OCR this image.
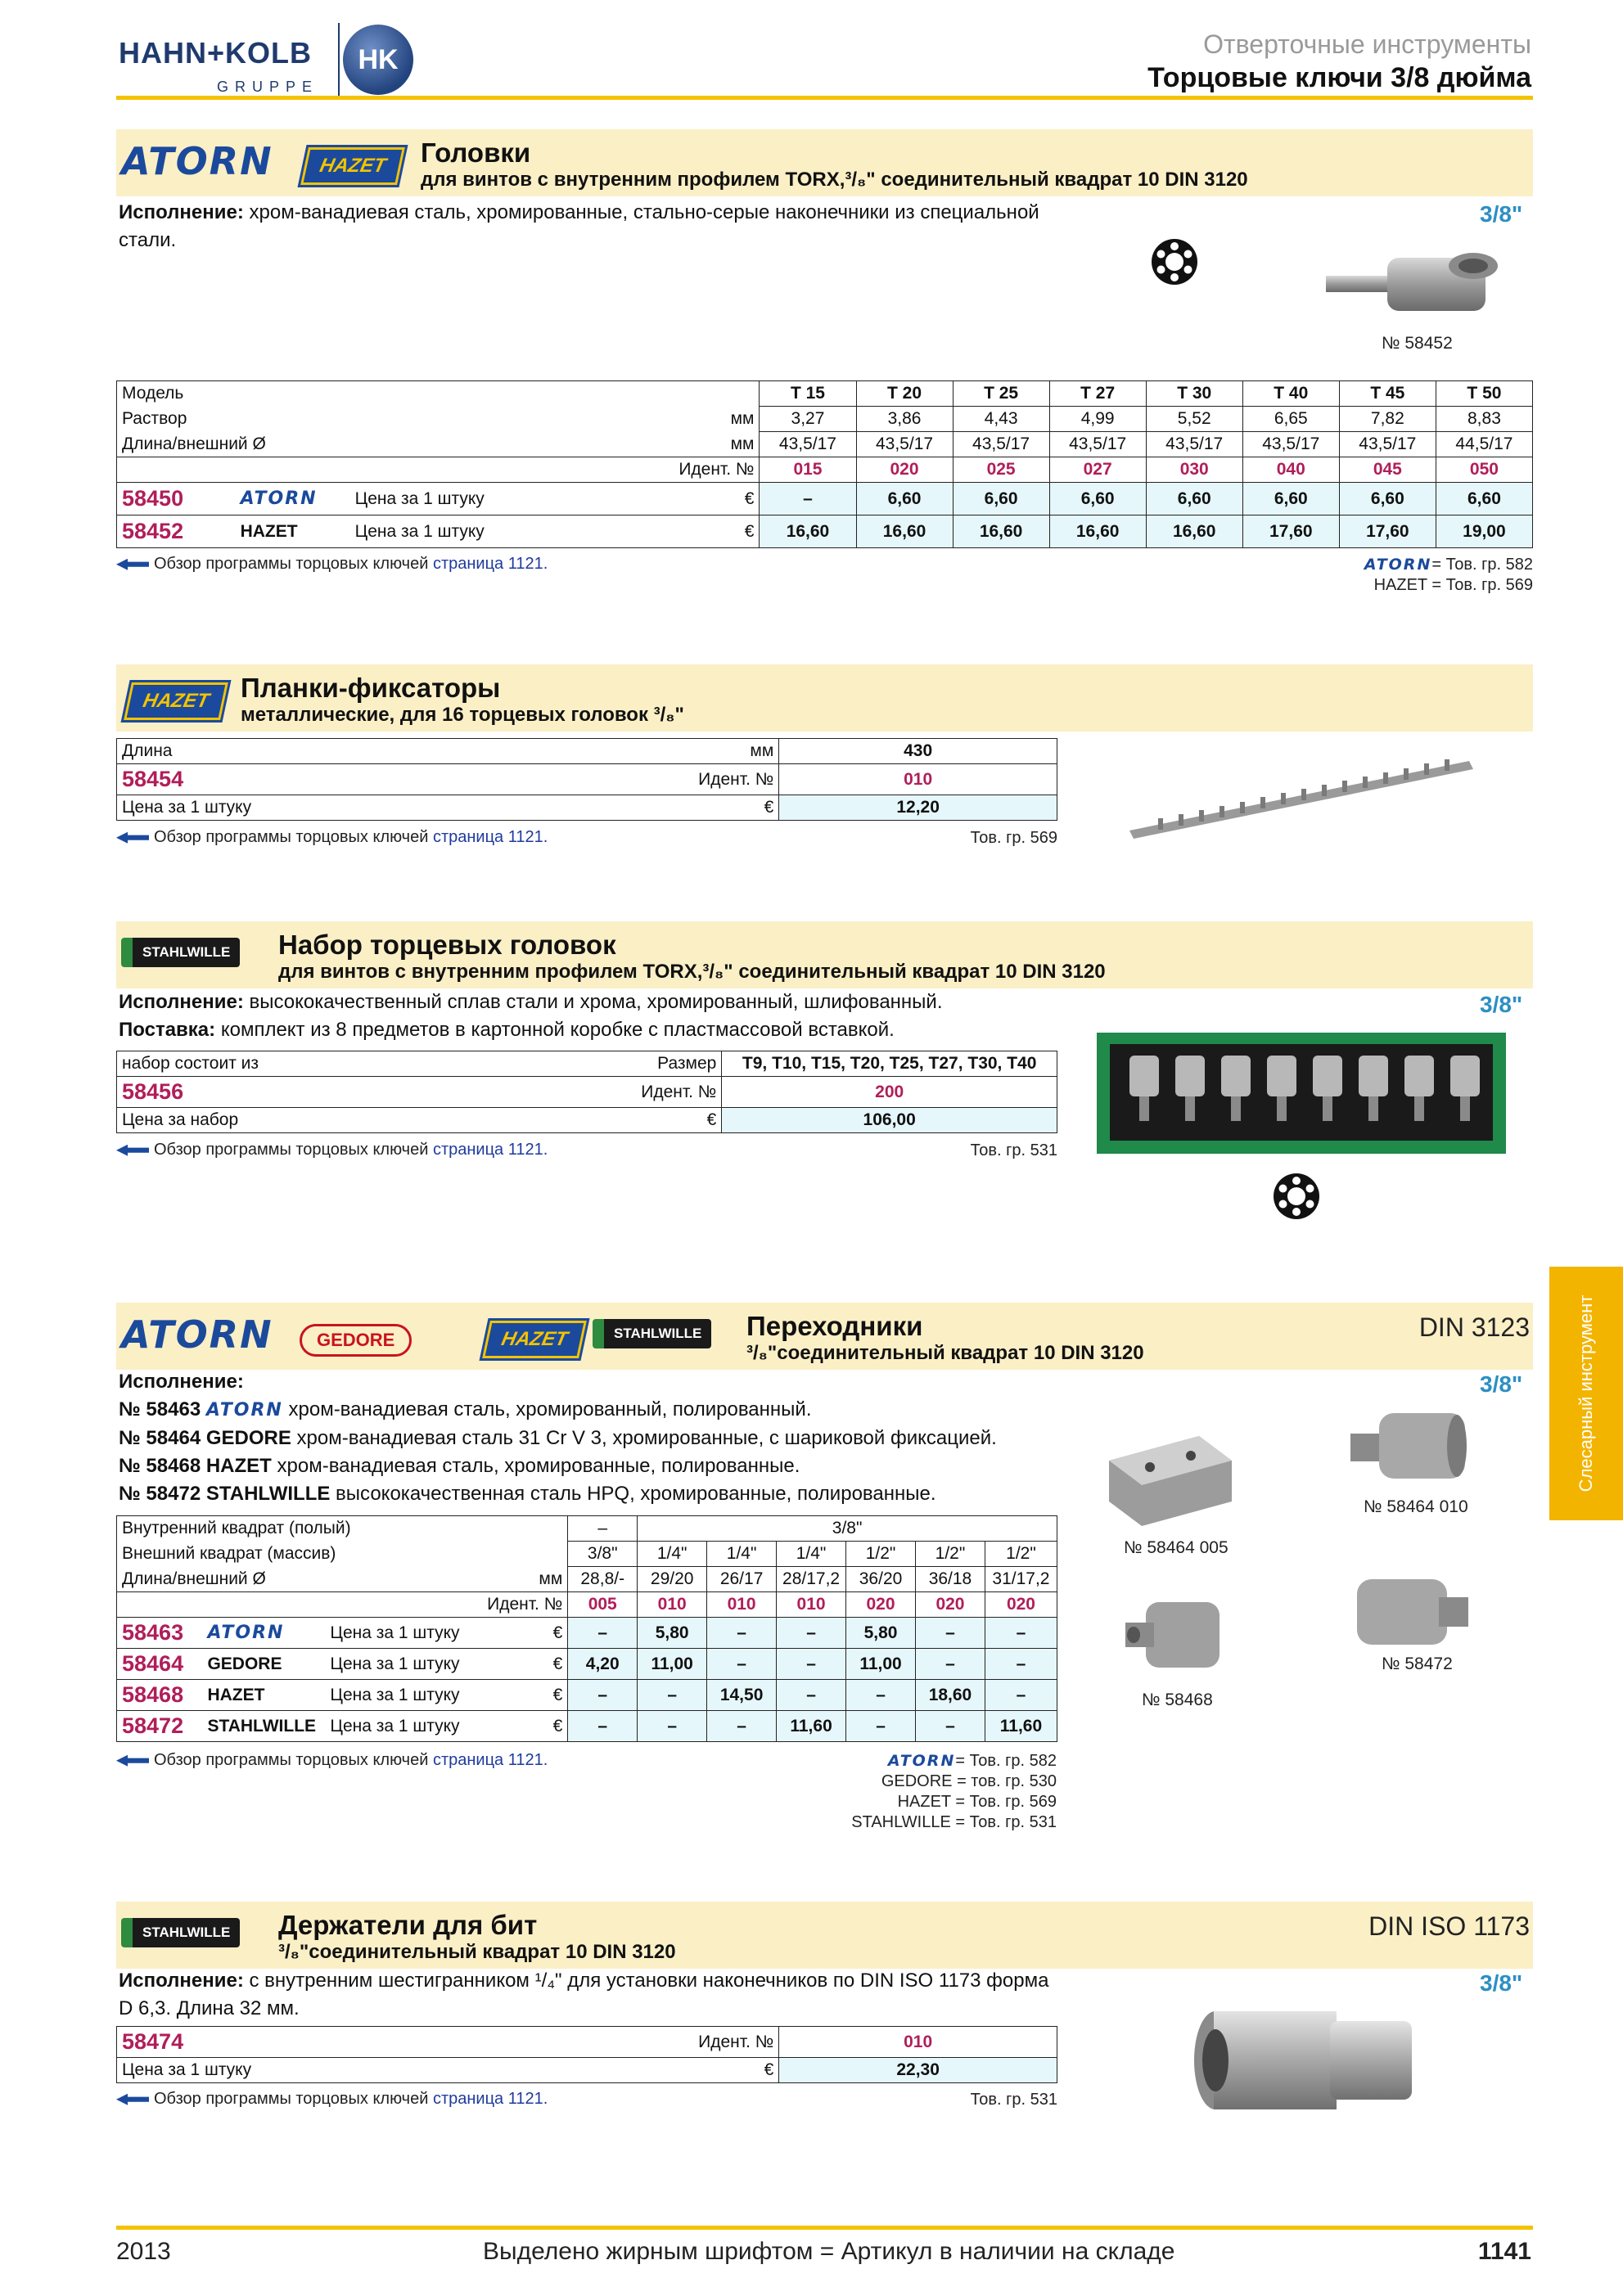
HAHN+KOLB
GRUPPE
HK	Отверточные инструменты
Торцовые ключи 3/8 дюйма
ATORN	HAZET	Головки
для винтов с внутренним профилем TORX,³/₈" соединительный квадрат 10 DIN 3120
Исполнение: хром-ванадиевая сталь, хромированные, стально-серые наконечники из специальной стали.
3/8"
№ 58452
Модель			T 15	T 20	T 25	T 27	T 30	T 40	T 45	T 50
Раствор		мм	3,27	3,86	4,43	4,99	5,52	6,65	7,82	8,83
Длина/внешний Ø		мм	43,5/17	43,5/17	43,5/17	43,5/17	43,5/17	43,5/17	43,5/17	44,5/17
Идент. №			015	020	025	027	030	040	045	050
58450	ATORN	Цена за 1 штуку €	–	6,60	6,60	6,60	6,60	6,60	6,60	6,60
58452	HAZET	Цена за 1 штуку €	16,60	16,60	16,60	16,60	16,60	17,60	17,60	19,00
Обзор программы торцовых ключей страница 1121.	ATORN= Тов. гр. 582
HAZET = Тов. гр. 569
HAZET	Планки-фиксаторы
металлические, для 16 торцевых головок ³/₈"
Длина	мм	430
58454	Идент. №	010
Цена за 1 штуку	€	12,20
Обзор программы торцовых ключей страница 1121.	Тов. гр. 569
STAHLWILLE	Набор торцевых головок
для винтов с внутренним профилем TORX,³/₈" соединительный квадрат 10 DIN 3120
Исполнение: высококачественный сплав стали и хрома, хромированный, шлифованный.
Поставка: комплект из 8 предметов в картонной коробке с пластмассовой вставкой.
3/8"
набор состоит из	Размер	T9, T10, T15, T20, T25, T27, T30, T40
58456	Идент. №	200
Цена за набор	€	106,00
Обзор программы торцовых ключей страница 1121.	Тов. гр. 531
ATORN	GEDORE	HAZET	STAHLWILLE	Переходники
³/₈"соединительный квадрат 10 DIN 3120
DIN 3123
Исполнение:
№ 58463 ATORN хром-ванадиевая сталь, хромированный, полированный.
№ 58464 GEDORE хром-ванадиевая сталь 31 Cr V 3, хромированные, с шариковой фиксацией.
№ 58468 HAZET хром-ванадиевая сталь, хромированные, полированные.
№ 58472 STAHLWILLE высококачественная сталь HPQ, хромированные, полированные.
3/8"
Внутренний квадрат (полый)			–	3/8"					
Внешний квадрат (массив)			3/8"	1/4"	1/4"	1/4"	1/2"	1/2"	1/2"
Длина/внешний Ø		мм	28,8/-	29/20	26/17	28/17,2	36/20	36/18	31/17,2
Идент. №			005	010	010	010	020	020	020
58463	ATORN	Цена за 1 штуку €	–	5,80	–	–	5,80	–	–
58464	GEDORE	Цена за 1 штуку €	4,20	11,00	–	–	11,00	–	–
58468	HAZET	Цена за 1 штуку €	–	–	14,50	–	–	18,60	–
58472	STAHLWILLE	Цена за 1 штуку €	–	–	–	11,60	–	–	11,60
Обзор программы торцовых ключей страница 1121.	ATORN= Тов. гр. 582
GEDORE = тов. гр. 530
HAZET = Тов. гр. 569
STAHLWILLE = Тов. гр. 531
№ 58464 005
№ 58464 010
№ 58468
№ 58472
STAHLWILLE	Держатели для бит
³/₈"соединительный квадрат 10 DIN 3120
DIN ISO 1173
Исполнение: с внутренним шестигранником ¹/₄" для установки наконечников по DIN ISO 1173 форма D 6,3. Длина 32 мм.
3/8"
58474	Идент. №	010
Цена за 1 штуку	€	22,30
Обзор программы торцовых ключей страница 1121.	Тов. гр. 531
Слесарный инструмент
2013	Выделено жирным шрифтом = Артикул в наличии на складе	1141
